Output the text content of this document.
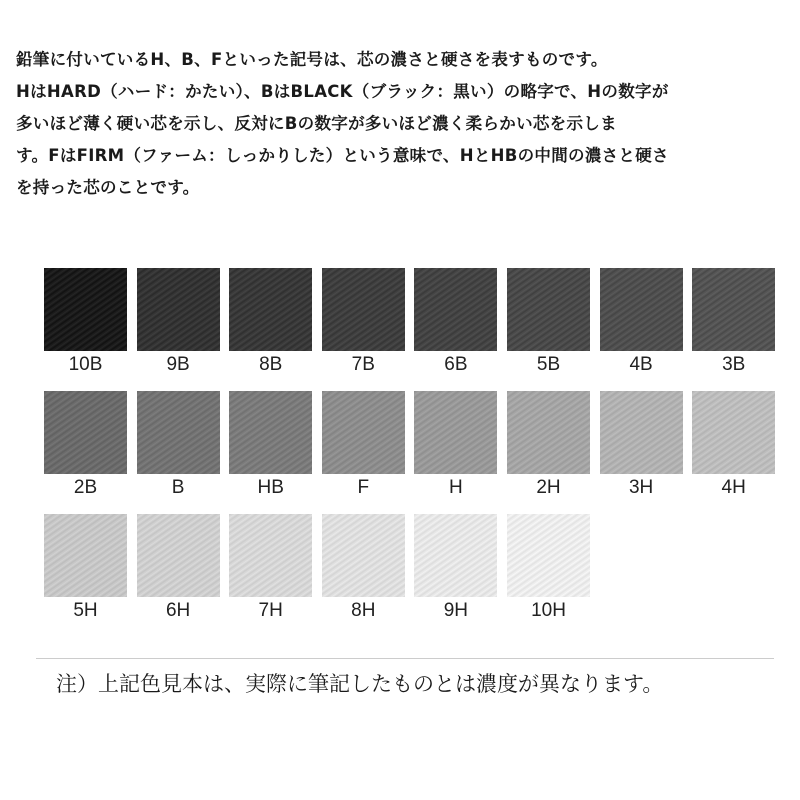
鉛筆に付いているH、B、Fといった記号は、芯の濃さと硬さを表すものです。

HはHARD（ハード：かたい）、BはBLACK（ブラック：黒い）の略字で、Hの数字が

多いほど薄く硬い芯を示し、反対にBの数字が多いほど濃く柔らかい芯を示しま

す。FはFIRM（ファーム：しっかりした）という意味で、HとHBの中間の濃さと硬さ

を持った芯のことです。

10B	9B	8B	7B	6B	5B	4B	3B
2B	B	HB	F	H	2H	3H	4H
5H	6H	7H	8H	9H	10H
注）上記色見本は、実際に筆記したものとは濃度が異なります。
